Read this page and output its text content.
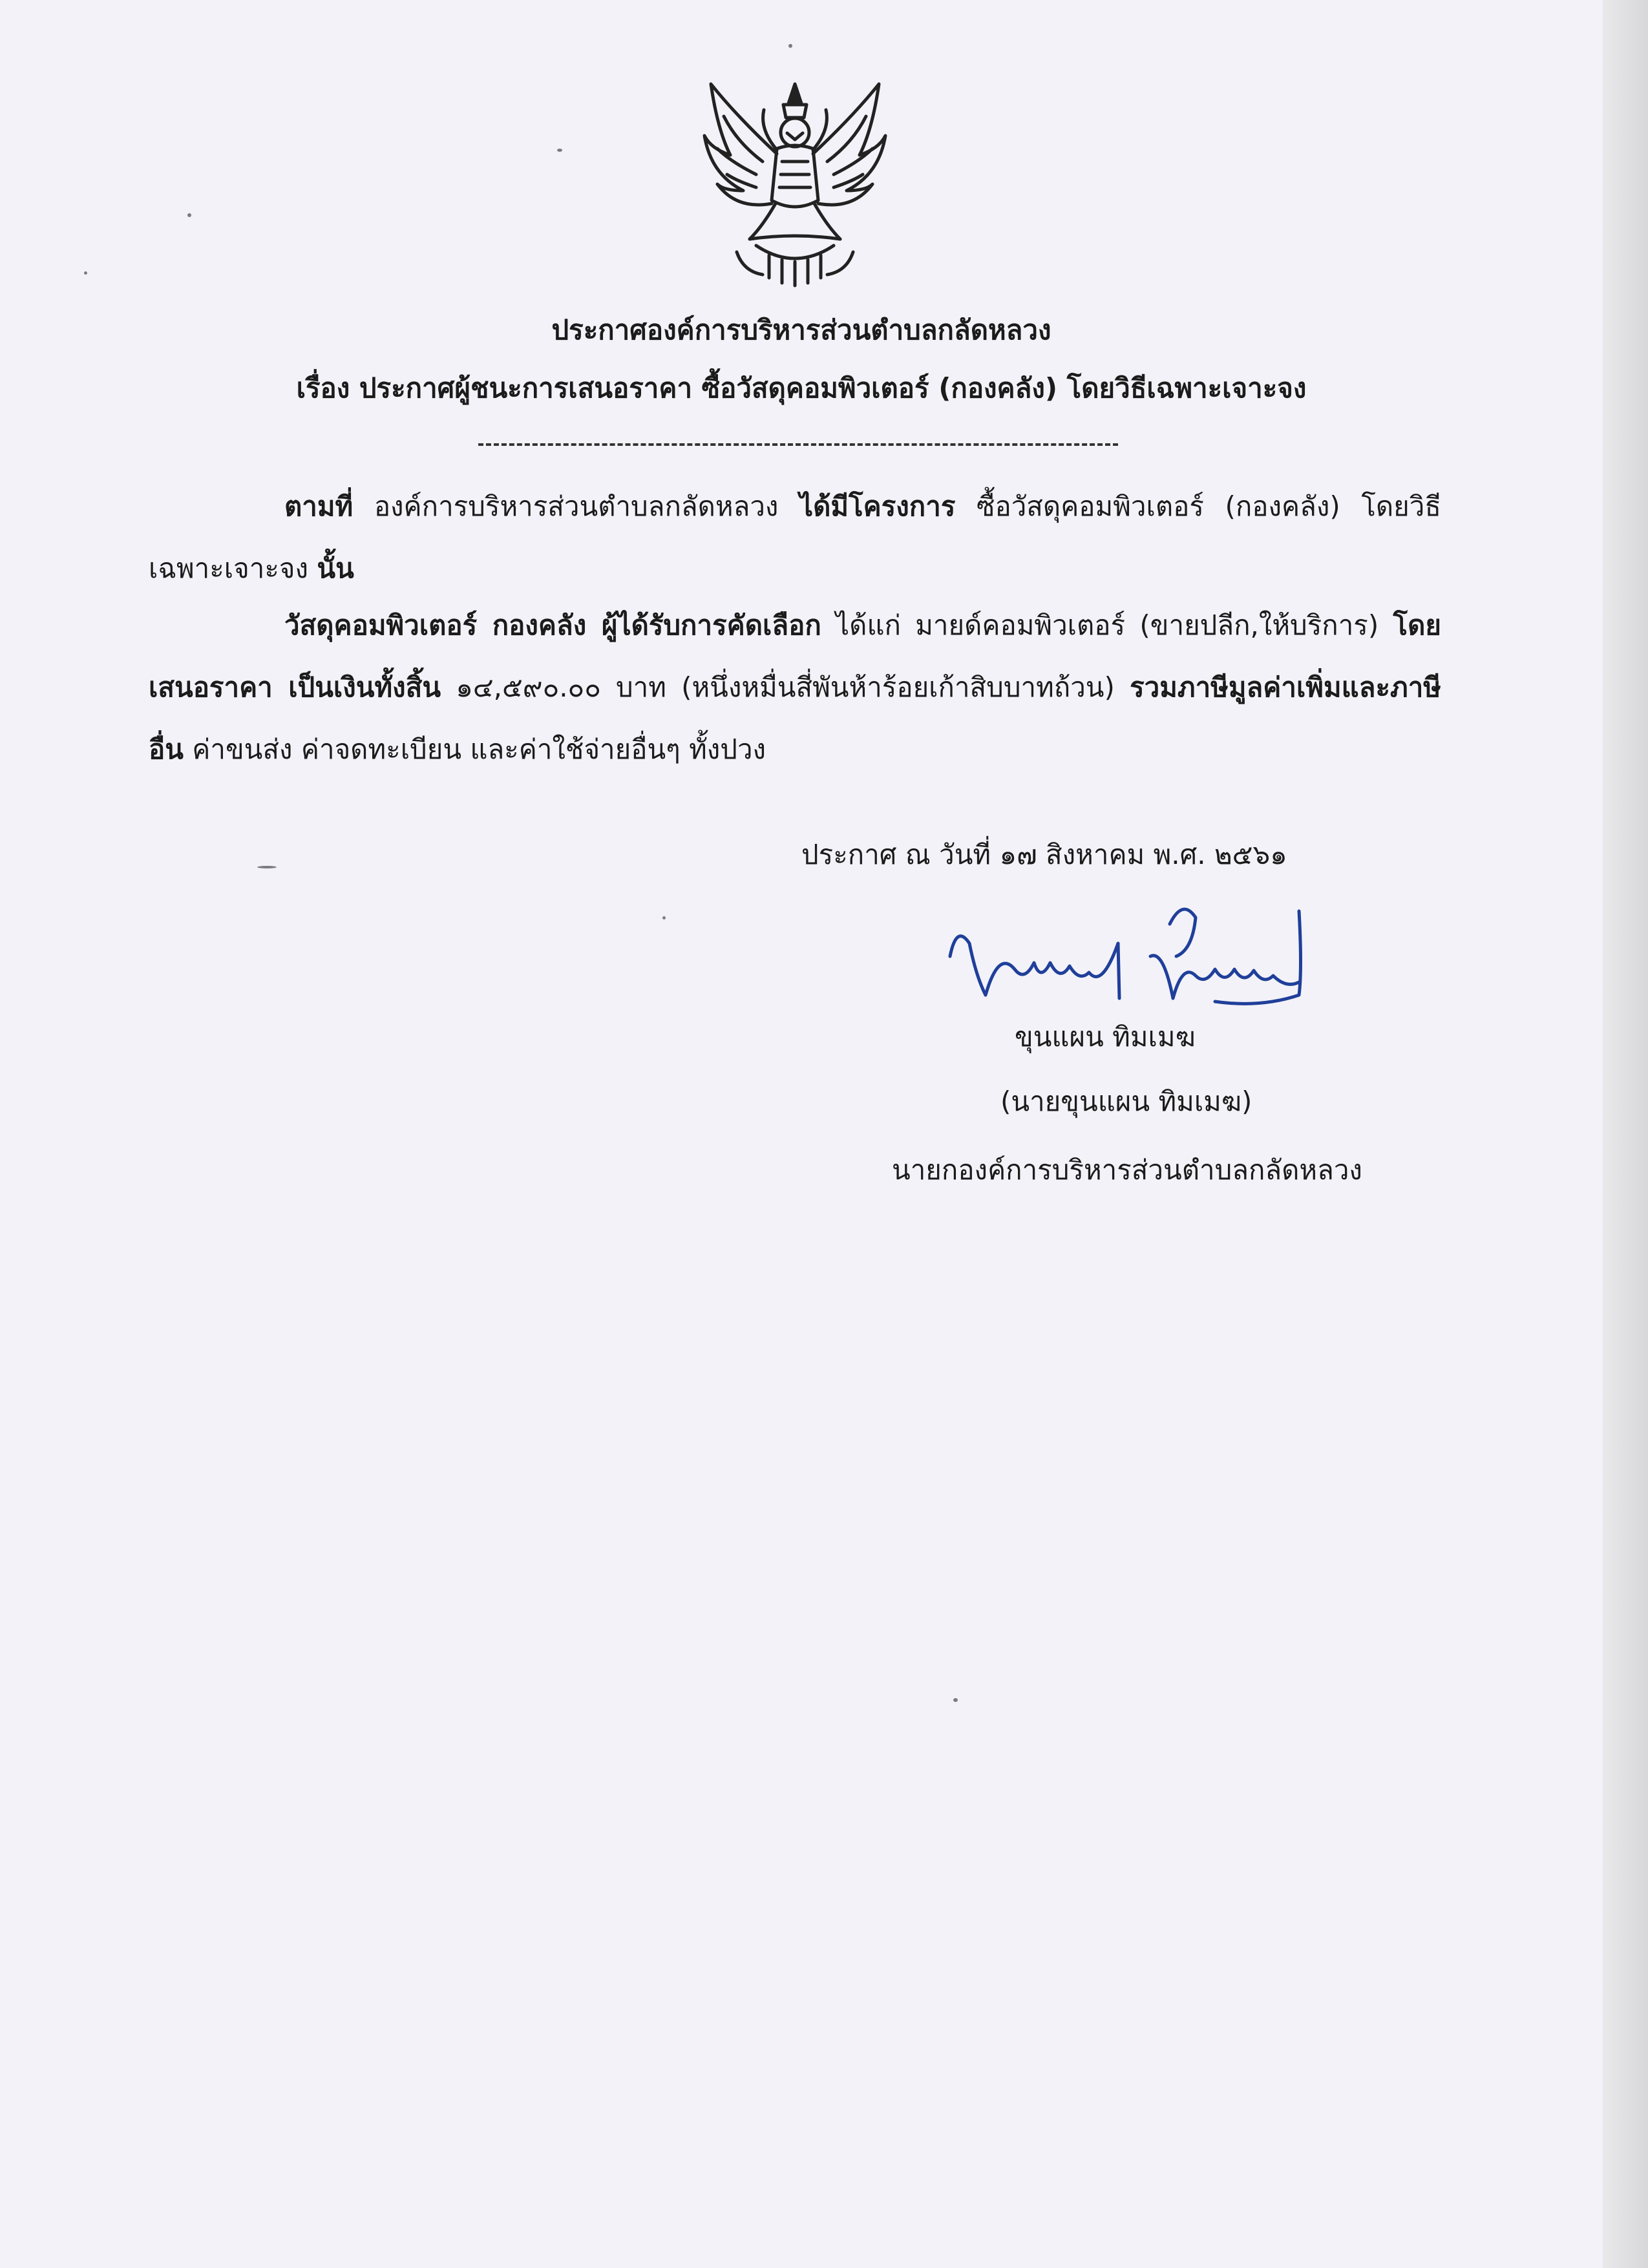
ประกาศองค์การบริหารส่วนตำบลกลัดหลวง
เรื่อง ประกาศผู้ชนะการเสนอราคา ซื้อวัสดุคอมพิวเตอร์ (กองคลัง) โดยวิธีเฉพาะเจาะจง
ตามที่ องค์การบริหารส่วนตำบลกลัดหลวง ได้มีโครงการ ซื้อวัสดุคอมพิวเตอร์ (กองคลัง) โดยวิธีเฉพาะเจาะจง นั้น
วัสดุคอมพิวเตอร์ กองคลัง ผู้ได้รับการคัดเลือก ได้แก่ มายด์คอมพิวเตอร์ (ขายปลีก,ให้บริการ) โดยเสนอราคา เป็นเงินทั้งสิ้น ๑๔,๕๙๐.๐๐ บาท (หนึ่งหมื่นสี่พันห้าร้อยเก้าสิบบาทถ้วน) รวมภาษีมูลค่าเพิ่มและภาษีอื่น ค่าขนส่ง ค่าจดทะเบียน และค่าใช้จ่ายอื่นๆ ทั้งปวง
ประกาศ ณ วันที่ ๑๗ สิงหาคม พ.ศ. ๒๕๖๑
ขุนแผน ทิมเมฆ
(นายขุนแผน ทิมเมฆ)
นายกองค์การบริหารส่วนตำบลกลัดหลวง
